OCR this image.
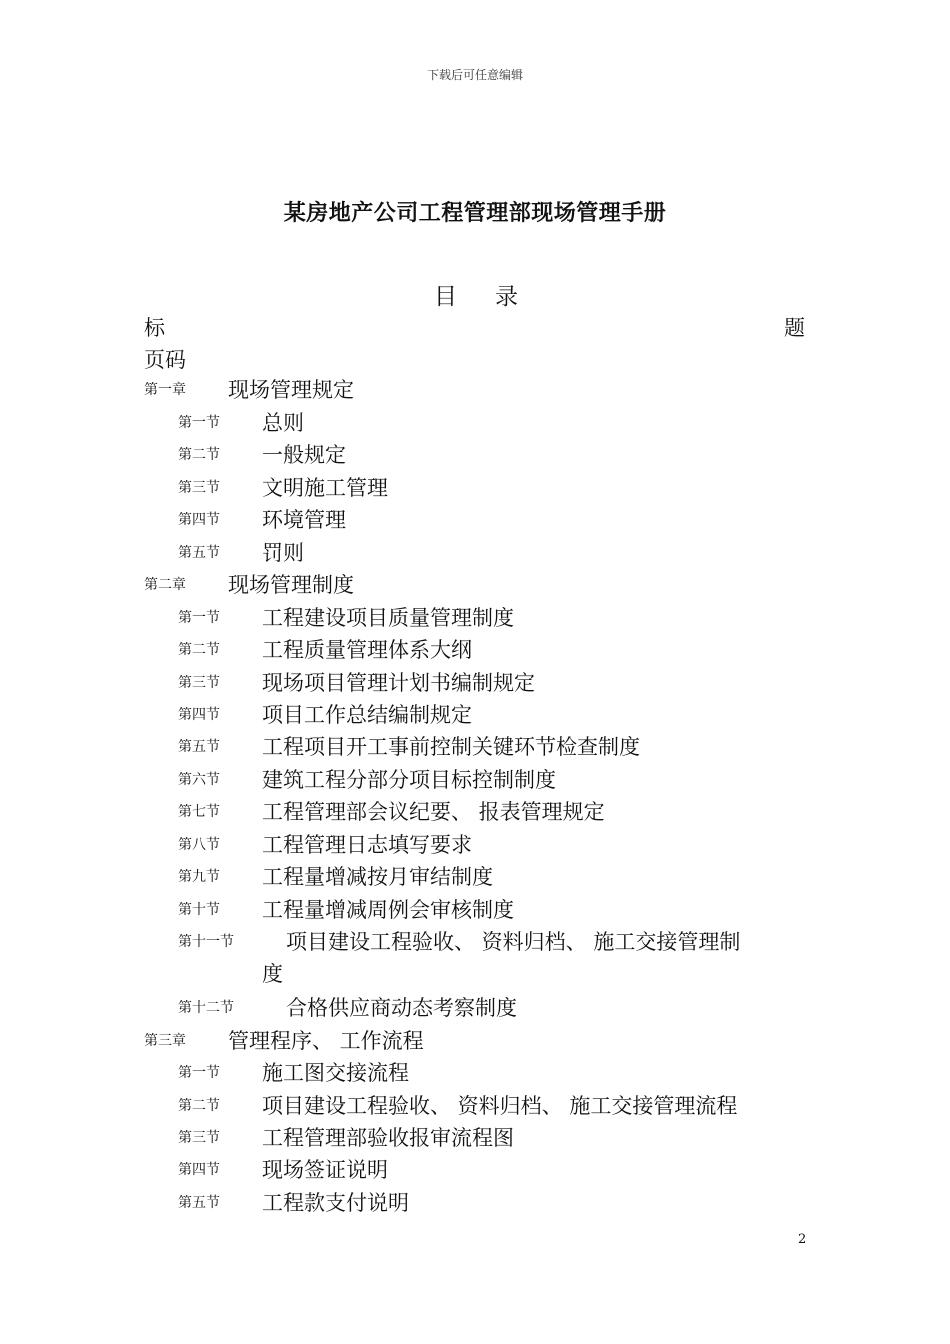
下载后可任意编辑
某房地产公司工程管理部现场管理手册
目 录
标	题
页码
第一章 现场管理规定
第一节 总则
第二节 一般规定
第三节 文明施工管理
第四节 环境管理
第五节 罚则
第二章 现场管理制度
第一节 工程建设项目质量管理制度
第二节 工程质量管理体系大纲
第三节 现场项目管理计划书编制规定
第四节 项目工作总结编制规定
第五节 工程项目开工事前控制关键环节检查制度
第六节 建筑工程分部分项目标控制制度
第七节 工程管理部会议纪要、 报表管理规定
第八节 工程管理日志填写要求
第九节 工程量增减按月审结制度
第十节 工程量增减周例会审核制度
第十一节 项目建设工程验收、 资料归档、 施工交接管理制
度
第十二节 合格供应商动态考察制度
第三章 管理程序、 工作流程
第一节 施工图交接流程
第二节 项目建设工程验收、 资料归档、 施工交接管理流程
第三节 工程管理部验收报审流程图
第四节 现场签证说明
第五节 工程款支付说明
2
